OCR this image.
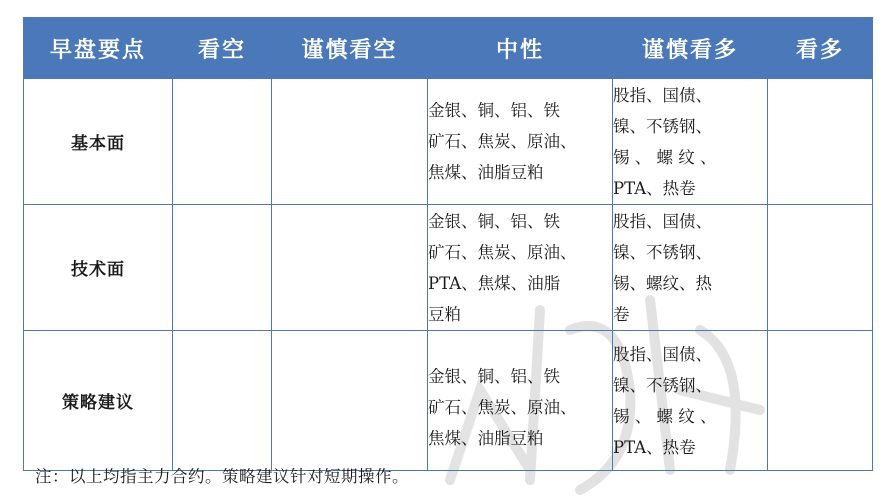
早盘要点	看空	谨慎看空	中性	谨慎看多	看多
基本面			金银、铜、铝、铁
矿石、焦炭、原油、
焦煤、油脂豆粕	股指、国债、
镍、不锈钢、
锡 、 螺 纹 、
PTA、热卷	

技术面			金银、铜、铝、铁
矿石、焦炭、原油、
PTA、焦煤、油脂
豆粕	股指、国债、
镍、不锈钢、
锡、螺纹、热
卷	

策略建议			金银、铜、铝、铁
矿石、焦炭、原油、
焦煤、油脂豆粕	股指、国债、
镍、不锈钢、
锡 、 螺 纹 、
PTA、热卷	

注：以上均指主力合约。策略建议针对短期操作。
